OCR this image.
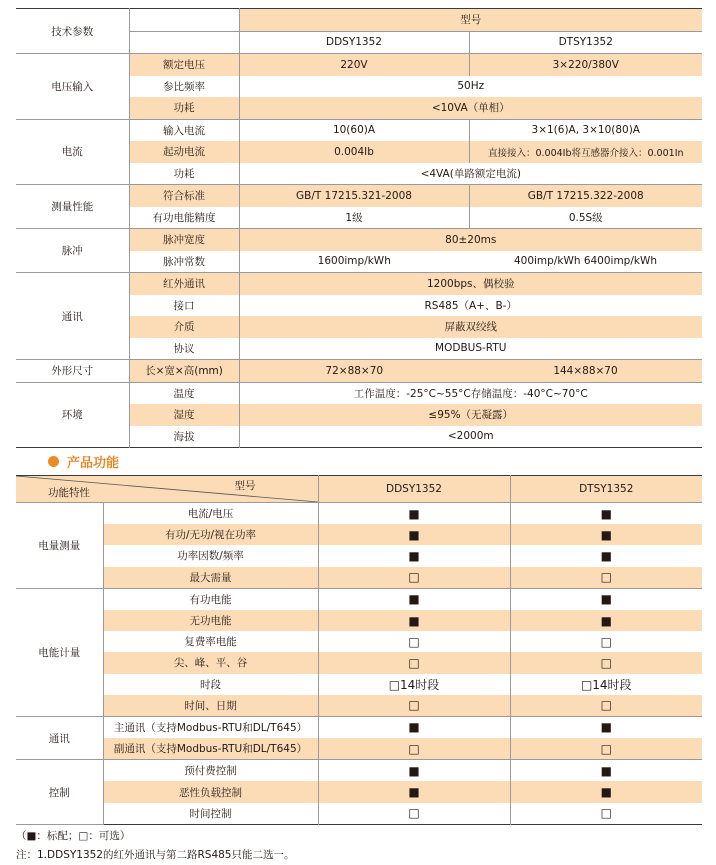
技术参数		型号	
		DDSY1352	DTSY1352
电压输入	额定电压	220V	3×220/380V
	参比频率	50Hz	
	功耗	<10VA（单相）	
电流	输入电流	10(60)A	3×1(6)A, 3×10(80)A
	起动电流	0.004Ib	直接接入：0.004Ib将互感器介接入：0.001In
	功耗	<4VA(单路额定电流)	
测量性能	符合标准	GB/T 17215.321-2008	GB/T 17215.322-2008
	有功电能精度	1级	0.5S级
脉冲	脉冲宽度	80±20ms	
	脉冲常数	1600imp/kWh	400imp/kWh 6400imp/kWh
通讯	红外通讯	1200bps、偶校验	
	接口	RS485（A+、B-）	
	介质	屏蔽双绞线	
	协议	MODBUS-RTU	
外形尺寸	长×宽×高(mm)	72×88×70	144×88×70
环境	温度	工作温度：-25°C~55°C存储温度：-40°C~70°C	
	湿度	≤95%（无凝露）	
	海拔	<2000m	
产品功能
型号
功能特性		DDSY1352	DTSY1352
电量测量	电流/电压	■	■
	有功/无功/视在功率	■	■
	功率因数/频率	■	■
	最大需量	□	□
电能计量	有功电能	■	■
	无功电能	■	■
	复费率电能	□	□
	尖、峰、平、谷	□	□
	时段	□14时段	□14时段
	时间、日期	□	□
通讯	主通讯（支持Modbus-RTU和DL/T645）	■	■
	副通讯（支持Modbus-RTU和DL/T645）	□	□
控制	预付费控制	■	■
	恶性负载控制	■	■
	时间控制	□	□
（■：标配；□：可选）
注：1.DDSY1352的红外通讯与第二路RS485只能二选一。
